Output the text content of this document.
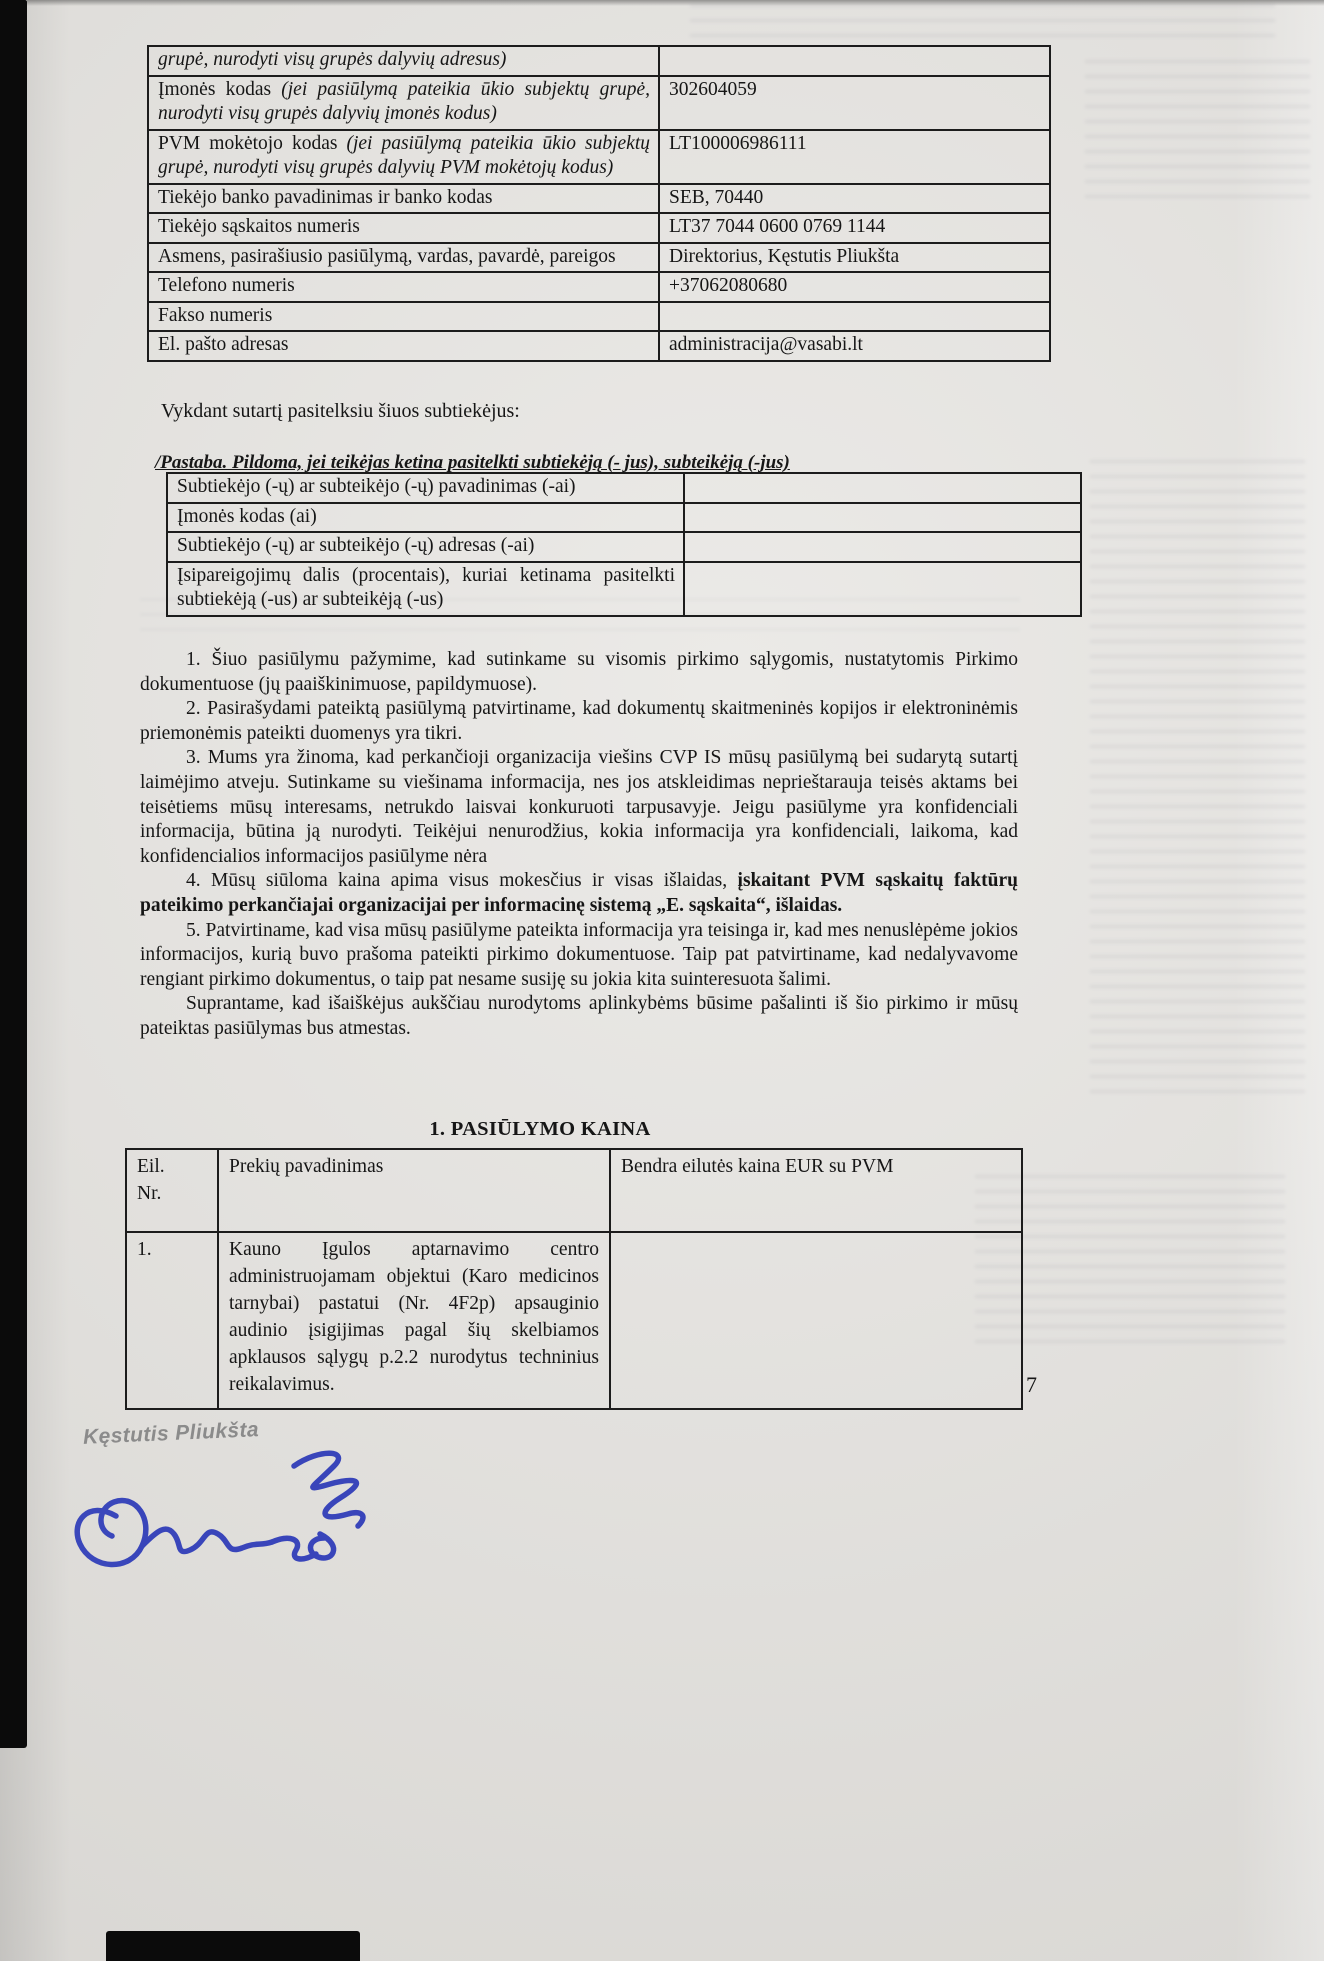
grupė, nurodyti visų grupės dalyvių adresus)	
Įmonės kodas (jei pasiūlymą pateikia ūkio subjektų grupė, nurodyti visų grupės dalyvių įmonės kodus)	302604059
PVM mokėtojo kodas (jei pasiūlymą pateikia ūkio subjektų grupė, nurodyti visų grupės dalyvių PVM mokėtojų kodus)	LT100006986111
Tiekėjo banko pavadinimas ir banko kodas	SEB, 70440
Tiekėjo sąskaitos numeris	LT37 7044 0600 0769 1144
Asmens, pasirašiusio pasiūlymą, vardas, pavardė, pareigos	Direktorius, Kęstutis Pliukšta
Telefono numeris	+37062080680
Fakso numeris	
El. pašto adresas	administracija@vasabi.lt
Vykdant sutartį pasitelksiu šiuos subtiekėjus:
/Pastaba. Pildoma, jei teikėjas ketina pasitelkti subtiekėją (- jus), subteikėją (-jus)
Subtiekėjo (-ų) ar subteikėjo (-ų) pavadinimas (-ai)	
Įmonės kodas (ai)	
Subtiekėjo (-ų) ar subteikėjo (-ų) adresas (-ai)	
Įsipareigojimų dalis (procentais), kuriai ketinama pasitelkti subtiekėją (-us) ar subteikėją (-us)	

1. Šiuo pasiūlymu pažymime, kad sutinkame su visomis pirkimo sąlygomis, nustatytomis Pirkimo dokumentuose (jų paaiškinimuose, papildymuose).

2. Pasirašydami pateiktą pasiūlymą patvirtiname, kad dokumentų skaitmeninės kopijos ir elektroninėmis priemonėmis pateikti duomenys yra tikri.

3. Mums yra žinoma, kad perkančioji organizacija viešins CVP IS mūsų pasiūlymą bei sudarytą sutartį laimėjimo atveju. Sutinkame su viešinama informacija, nes jos atskleidimas neprieštarauja teisės aktams bei teisėtiems mūsų interesams, netrukdo laisvai konkuruoti tarpusavyje. Jeigu pasiūlyme yra konfidenciali informacija, būtina ją nurodyti. Teikėjui nenurodžius, kokia informacija yra konfidenciali, laikoma, kad konfidencialios informacijos pasiūlyme nėra

4. Mūsų siūloma kaina apima visus mokesčius ir visas išlaidas, įskaitant PVM sąskaitų faktūrų pateikimo perkančiajai organizacijai per informacinę sistemą „E. sąskaita“, išlaidas.

5. Patvirtiname, kad visa mūsų pasiūlyme pateikta informacija yra teisinga ir, kad mes nenuslėpėme jokios informacijos, kurią buvo prašoma pateikti pirkimo dokumentuose. Taip pat patvirtiname, kad nedalyvavome rengiant pirkimo dokumentus, o taip pat nesame susiję su jokia kita suinteresuota šalimi.

Suprantame, kad išaiškėjus aukščiau nurodytoms aplinkybėms būsime pašalinti iš šio pirkimo ir mūsų pateiktas pasiūlymas bus atmestas.

1. PASIŪLYMO KAINA
Eil.
Nr.	Prekių pavadinimas	Bendra eilutės kaina EUR su PVM
1.	Kauno Įgulos aptarnavimo centro administruojamam objektui (Karo medicinos tarnybai) pastatui (Nr. 4F2p) apsauginio audinio įsigijimas pagal šių skelbiamos apklausos sąlygų p.2.2 nurodytus techninius reikalavimus.		7
Kęstutis Pliukšta
